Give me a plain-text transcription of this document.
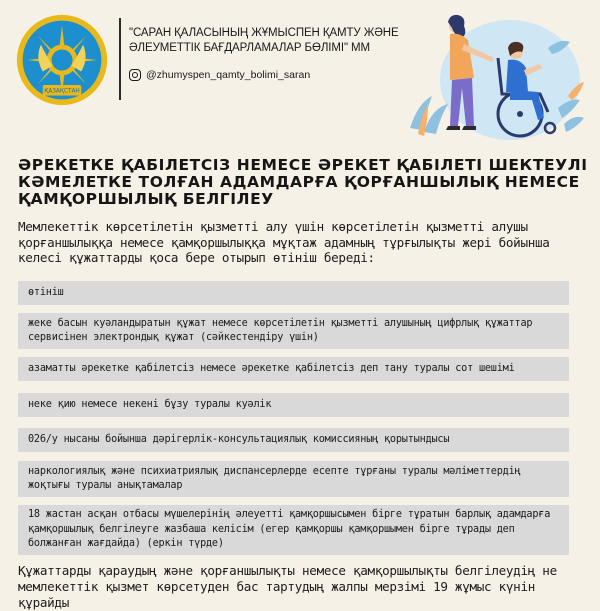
ҚАЗАҚСТАН
"САРАН ҚАЛАСЫНЫҢ ЖҰМЫСПЕН ҚАМТУ ЖӘНЕ ӘЛЕУМЕТТІК БАҒДАРЛАМАЛАР БӨЛІМІ" ММ
@zhumyspen_qamty_bolimi_saran
ӘРЕКЕТКЕ ҚАБІЛЕТСІЗ НЕМЕСЕ ӘРЕКЕТ ҚАБІЛЕТІ ШЕКТЕУЛІ КӘМЕЛЕТКЕ ТОЛҒАН АДАМДАРҒА ҚОРҒАНШЫЛЫҚ НЕМЕСЕ ҚАМҚОРШЫЛЫҚ БЕЛГІЛЕУ
Мемлекеттік көрсетілетін қызметті алу үшін көрсетілетін қызметті алушы қорғаншылыққа немесе қамқоршылыққа мұқтаж адамның тұрғылықты жері бойынша келесі құжаттарды қоса бере отырып өтініш береді:
өтініш
жеке басын куәландыратын құжат немесе көрсетілетін қызметті алушының цифрлық құжаттар сервисінен электрондық құжат (сәйкестендіру үшін)
азаматты әрекетке қабілетсіз немесе әрекетке қабілетсіз деп тану туралы сот шешімі
неке қию немесе некені бұзу туралы куәлік
026/у нысаны бойынша дәрігерлік-консультациялық комиссияның қорытындысы
наркологиялық және психиатриялық диспансерлерде есепте тұрғаны туралы мәліметтердің жоқтығы туралы анықтамалар
18 жастан асқан отбасы мүшелерінің әлеуетті қамқоршысымен бірге тұратын барлық адамдарға қамқоршылық белгілеуге жазбаша келісім (егер қамқоршы қамқоршымен бірге тұрады деп болжанған жағдайда) (еркін түрде)
Құжаттарды қараудың және қорғаншылықты немесе қамқоршылықты белгілеудің не мемлекеттік қызмет көрсетуден бас тартудың жалпы мерзімі 19 жұмыс күнін құрайды
